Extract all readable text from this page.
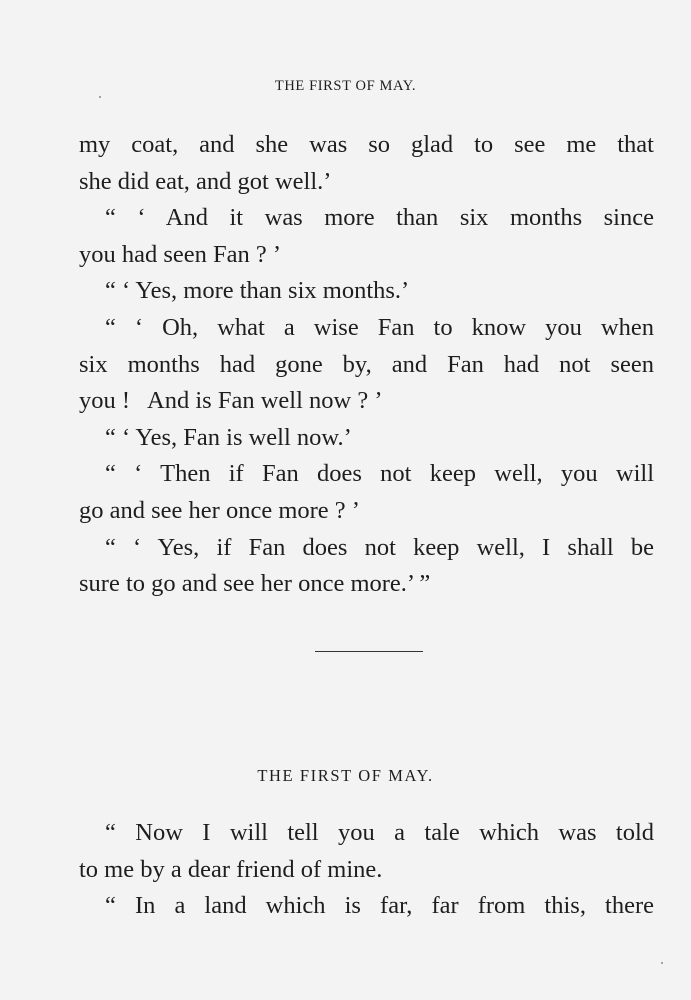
THE FIRST OF MAY.
my coat, and she was so glad to see me that
she did eat, and got well.’
“ ‘ And it was more than six months since
you had seen Fan ? ’
“ ‘ Yes, more than six months.’
“ ‘ Oh, what a wise Fan to know you when
six months had gone by, and Fan had not seen
you !   And is Fan well now ? ’
“ ‘ Yes, Fan is well now.’
“ ‘ Then if Fan does not keep well, you will
go and see her once more ? ’
“ ‘ Yes, if Fan does not keep well, I shall be
sure to go and see her once more.’ ”
THE FIRST OF MAY.
“ Now I will tell you a tale which was told
to me by a dear friend of mine.
“ In a land which is far, far from this, there
